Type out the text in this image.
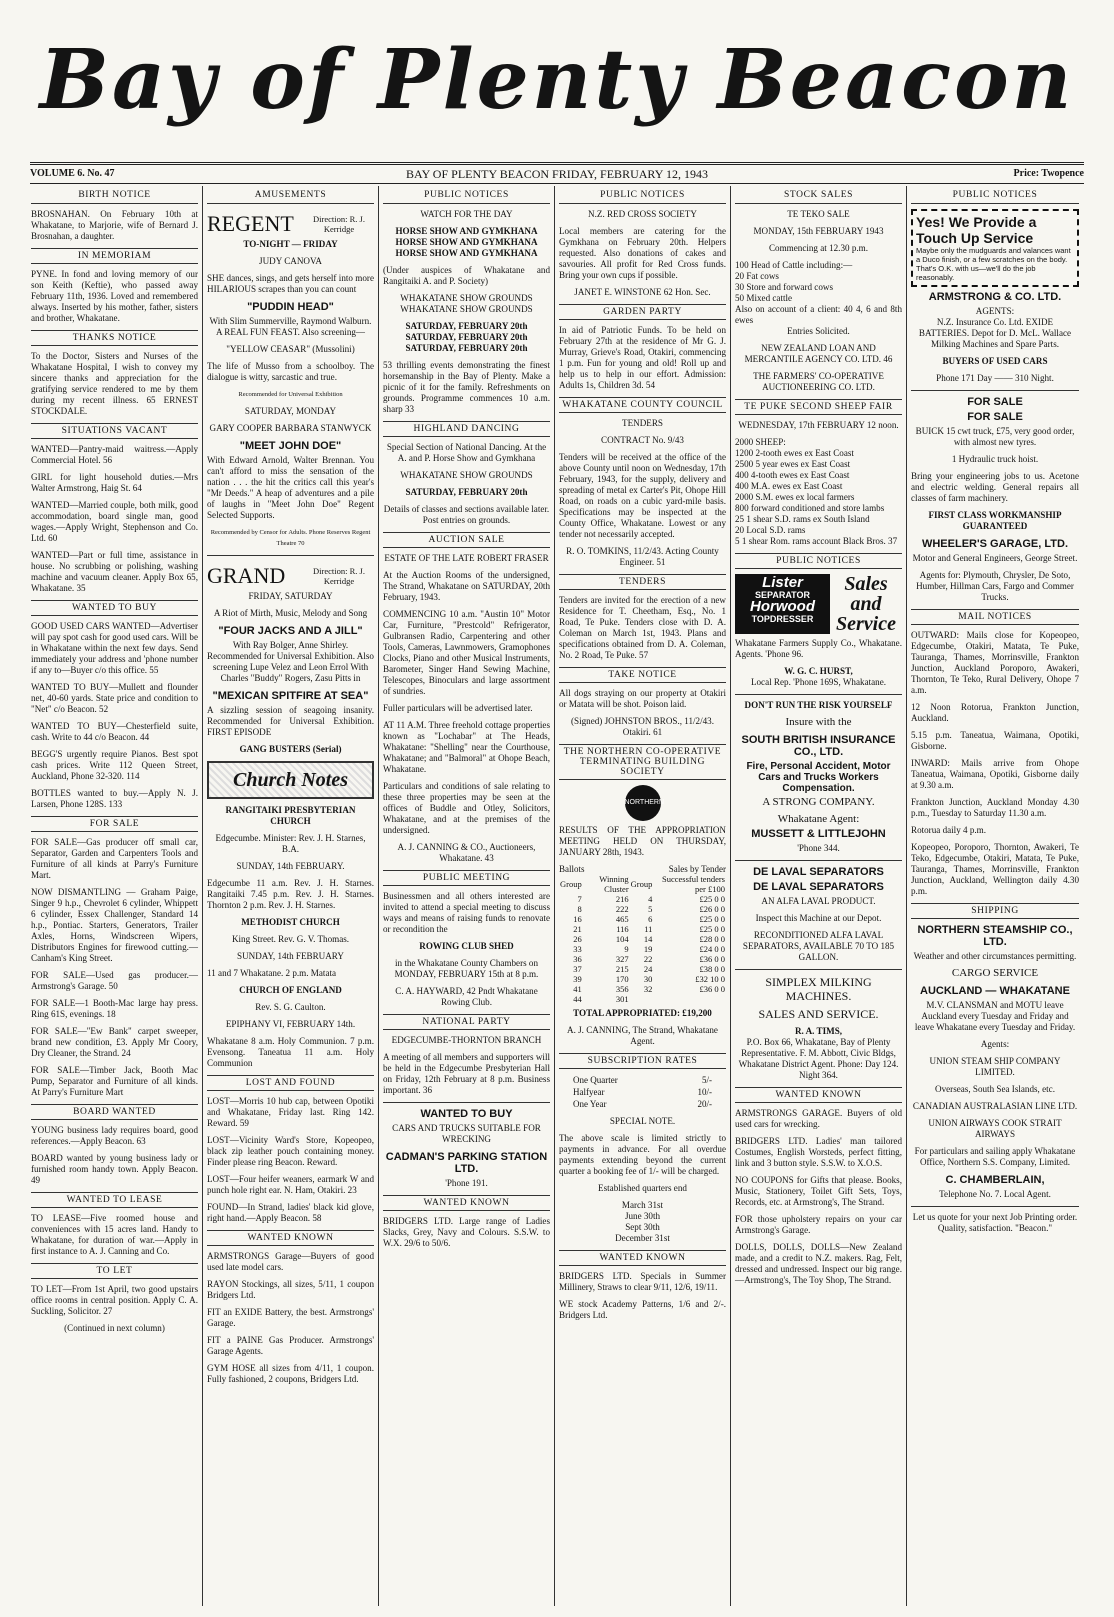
Bay of Plenty Beacon
VOLUME 6. No. 47	BAY OF PLENTY BEACON FRIDAY, FEBRUARY 12, 1943	Price: Twopence
BIRTH NOTICE

BROSNAHAN. On February 10th at Whakatane, to Marjorie, wife of Bernard J. Brosnahan, a daughter.

IN MEMORIAM

PYNE. In fond and loving memory of our son Keith (Keftie), who passed away February 11th, 1936. Loved and remembered always. Inserted by his mother, father, sisters and brother, Whakatane.

THANKS NOTICE

To the Doctor, Sisters and Nurses of the Whakatane Hospital, I wish to convey my sincere thanks and appreciation for the gratifying service rendered to me by them during my recent illness. 65 ERNEST STOCKDALE.

SITUATIONS VACANT

WANTED—Pantry-maid waitress.—Apply Commercial Hotel. 56

GIRL for light household duties.—Mrs Walter Armstrong, Haig St. 64

WANTED—Married couple, both milk, good accommodation, board single man, good wages.—Apply Wright, Stephenson and Co. Ltd. 60

WANTED—Part or full time, assistance in house. No scrubbing or polishing, washing machine and vacuum cleaner. Apply Box 65, Whakatane. 35

WANTED TO BUY

GOOD USED CARS WANTED—Advertiser will pay spot cash for good used cars. Will be in Whakatane within the next few days. Send immediately your address and 'phone number if any to—Buyer c/o this office. 55

WANTED TO BUY—Mullett and flounder net, 40-60 yards. State price and condition to "Net" c/o Beacon. 52

WANTED TO BUY—Chesterfield suite, cash. Write to 44 c/o Beacon. 44

BEGG'S urgently require Pianos. Best spot cash prices. Write 112 Queen Street, Auckland, Phone 32-320. 114

BOTTLES wanted to buy.—Apply N. J. Larsen, Phone 128S. 133

FOR SALE

FOR SALE—Gas producer off small car, Separator, Garden and Carpenters Tools and Furniture of all kinds at Parry's Furniture Mart.

NOW DISMANTLING — Graham Paige, Singer 9 h.p., Chevrolet 6 cylinder, Whippett 6 cylinder, Essex Challenger, Standard 14 h.p., Pontiac. Starters, Generators, Trailer Axles, Horns, Windscreen Wipers, Distributors Engines for firewood cutting.—Canham's King Street.

FOR SALE—Used gas producer.—Armstrong's Garage. 50

FOR SALE—1 Booth-Mac large hay press. Ring 61S, evenings. 18

FOR SALE—"Ew Bank" carpet sweeper, brand new condition, £3. Apply Mr Coory, Dry Cleaner, the Strand. 24

FOR SALE—Timber Jack, Booth Mac Pump, Separator and Furniture of all kinds. At Parry's Furniture Mart

BOARD WANTED

YOUNG business lady requires board, good references.—Apply Beacon. 63

BOARD wanted by young business lady or furnished room handy town. Apply Beacon. 49

WANTED TO LEASE

TO LEASE—Five roomed house and conveniences with 15 acres land. Handy to Whakatane, for duration of war.—Apply in first instance to A. J. Canning and Co.

TO LET

TO LET—From 1st April, two good upstairs office rooms in central position. Apply C. A. Suckling, Solicitor. 27

(Continued in next column)

AMUSEMENTS
REGENT	Direction: R. J. Kerridge

TO-NIGHT — FRIDAY

JUDY CANOVA

SHE dances, sings, and gets herself into more HILARIOUS scrapes than you can count

"PUDDIN HEAD"

With Slim Summerville, Raymond Walburn. A REAL FUN FEAST. Also screening—

"YELLOW CEASAR" (Mussolini)

The life of Musso from a schoolboy. The dialogue is witty, sarcastic and true.

Recommended for Universal Exhibition

SATURDAY, MONDAY

GARY COOPER BARBARA STANWYCK

"MEET JOHN DOE"

With Edward Arnold, Walter Brennan. You can't afford to miss the sensation of the nation . . . the hit the critics call this year's "Mr Deeds." A heap of adventures and a pile of laughs in "Meet John Doe" Regent Selected Supports.

Recommended by Censor for Adults. Phone Reserves Regent Theatre 70

GRAND	Direction: R. J. Kerridge

FRIDAY, SATURDAY

A Riot of Mirth, Music, Melody and Song

"FOUR JACKS AND A JILL"

With Ray Bolger, Anne Shirley. Recommended for Universal Exhibition. Also screening Lupe Velez and Leon Errol With Charles "Buddy" Rogers, Zasu Pitts in

"MEXICAN SPITFIRE AT SEA"

A sizzling session of seagoing insanity. Recommended for Universal Exhibition. FIRST EPISODE

GANG BUSTERS (Serial)

Church Notes

RANGITAIKI PRESBYTERIAN CHURCH

Edgecumbe. Minister: Rev. J. H. Starnes, B.A.

SUNDAY, 14th FEBRUARY.

Edgecumbe 11 a.m. Rev. J. H. Starnes. Rangitaiki 7.45 p.m. Rev. J. H. Starnes. Thornton 2 p.m. Rev. J. H. Starnes.

METHODIST CHURCH

King Street. Rev. G. V. Thomas.

SUNDAY, 14th FEBRUARY

11 and 7 Whakatane. 2 p.m. Matata

CHURCH OF ENGLAND

Rev. S. G. Caulton.

EPIPHANY VI, FEBRUARY 14th.

Whakatane 8 a.m. Holy Communion. 7 p.m. Evensong. Taneatua 11 a.m. Holy Communion

LOST AND FOUND

LOST—Morris 10 hub cap, between Opotiki and Whakatane, Friday last. Ring 142. Reward. 59

LOST—Vicinity Ward's Store, Kopeopeo, black zip leather pouch containing money. Finder please ring Beacon. Reward.

LOST—Four heifer weaners, earmark W and punch hole right ear. N. Ham, Otakiri. 23

FOUND—In Strand, ladies' black kid glove, right hand.—Apply Beacon. 58

WANTED KNOWN

ARMSTRONGS Garage—Buyers of good used late model cars.

RAYON Stockings, all sizes, 5/11, 1 coupon Bridgers Ltd.

FIT an EXIDE Battery, the best. Armstrongs' Garage.

FIT a PAINE Gas Producer. Armstrongs' Garage Agents.

GYM HOSE all sizes from 4/11, 1 coupon. Fully fashioned, 2 coupons, Bridgers Ltd.

PUBLIC NOTICES

WATCH FOR THE DAY

HORSE SHOW AND GYMKHANA

HORSE SHOW AND GYMKHANA

HORSE SHOW AND GYMKHANA

(Under auspices of Whakatane and Rangitaiki A. and P. Society)

WHAKATANE SHOW GROUNDS

WHAKATANE SHOW GROUNDS

SATURDAY, FEBRUARY 20th

SATURDAY, FEBRUARY 20th

SATURDAY, FEBRUARY 20th

53 thrilling events demonstrating the finest horsemanship in the Bay of Plenty. Make a picnic of it for the family. Refreshments on grounds. Programme commences 10 a.m. sharp 33

HIGHLAND DANCING

Special Section of National Dancing. At the A. and P. Horse Show and Gymkhana

WHAKATANE SHOW GROUNDS

SATURDAY, FEBRUARY 20th

Details of classes and sections available later. Post entries on grounds.

AUCTION SALE

ESTATE OF THE LATE ROBERT FRASER

At the Auction Rooms of the undersigned, The Strand, Whakatane on SATURDAY, 20th February, 1943.

COMMENCING 10 a.m. "Austin 10" Motor Car, Furniture, "Prestcold" Refrigerator, Gulbransen Radio, Carpentering and other Tools, Cameras, Lawnmowers, Gramophones Clocks, Piano and other Musical Instruments, Barometer, Singer Hand Sewing Machine, Telescopes, Binoculars and large assortment of sundries.

Fuller particulars will be advertised later.

AT 11 A.M. Three freehold cottage properties known as "Lochabar" at The Heads, Whakatane: "Shelling" near the Courthouse, Whakatane; and "Balmoral" at Ohope Beach, Whakatane.

Particulars and conditions of sale relating to these three properties may be seen at the offices of Buddle and Otley, Solicitors, Whakatane, and at the premises of the undersigned.

A. J. CANNING & CO., Auctioneers, Whakatane. 43

PUBLIC MEETING

Businessmen and all others interested are invited to attend a special meeting to discuss ways and means of raising funds to renovate or recondition the

ROWING CLUB SHED

in the Whakatane County Chambers on MONDAY, FEBRUARY 15th at 8 p.m.

C. A. HAYWARD, 42 Pndt Whakatane Rowing Club.

NATIONAL PARTY

EDGECUMBE-THORNTON BRANCH

A meeting of all members and supporters will be held in the Edgecumbe Presbyterian Hall on Friday, 12th February at 8 p.m. Business important. 36

WANTED TO BUY

CARS AND TRUCKS SUITABLE FOR WRECKING

CADMAN'S PARKING STATION LTD.

'Phone 191.

WANTED KNOWN

BRIDGERS LTD. Large range of Ladies Slacks, Grey, Navy and Colours. S.S.W. to W.X. 29/6 to 50/6.

PUBLIC NOTICES

N.Z. RED CROSS SOCIETY

Local members are catering for the Gymkhana on February 20th. Helpers requested. Also donations of cakes and savouries. All profit for Red Cross funds. Bring your own cups if possible.

JANET E. WINSTONE 62 Hon. Sec.

GARDEN PARTY

In aid of Patriotic Funds. To be held on February 27th at the residence of Mr G. J. Murray, Grieve's Road, Otakiri, commencing 1 p.m. Fun for young and old! Roll up and help us to help in our effort. Admission: Adults 1s, Children 3d. 54

WHAKATANE COUNTY COUNCIL

TENDERS

CONTRACT No. 9/43

Tenders will be received at the office of the above County until noon on Wednesday, 17th February, 1943, for the supply, delivery and spreading of metal ex Carter's Pit, Ohope Hill Road, on roads on a cubic yard-mile basis. Specifications may be inspected at the County Office, Whakatane. Lowest or any tender not necessarily accepted.

R. O. TOMKINS, 11/2/43. Acting County Engineer. 51

TENDERS

Tenders are invited for the erection of a new Residence for T. Cheetham, Esq., No. 1 Road, Te Puke. Tenders close with D. A. Coleman on March 1st, 1943. Plans and specifications obtained from D. A. Coleman, No. 2 Road, Te Puke. 57

TAKE NOTICE

All dogs straying on our property at Otakiri or Matata will be shot. Poison laid.

(Signed) JOHNSTON BROS., 11/2/43. Otakiri. 61

THE NORTHERN CO-OPERATIVE TERMINATING BUILDING SOCIETY
NORTHERN

RESULTS OF THE APPROPRIATION MEETING HELD ON THURSDAY, JANUARY 28th, 1943.

Ballots	Sales by Tender
Group	Winning Cluster	Group	Successful tenders per £100
7	216	4	£25 0 0
8	222	5	£26 0 0
16	465	6	£25 0 0
21	116	11	£25 0 0
26	104	14	£28 0 0
33	9	19	£24 0 0
36	327	22	£36 0 0
37	215	24	£38 0 0
39	170	30	£32 10 0
41	356	32	£36 0 0
44	301		

TOTAL APPROPRIATED: £19,200

A. J. CANNING, The Strand, Whakatane Agent.

SUBSCRIPTION RATES
One Quarter	5/-
Halfyear	10/-
One Year	20/-

SPECIAL NOTE.

The above scale is limited strictly to payments in advance. For all overdue payments extending beyond the current quarter a booking fee of 1/- will be charged.

Established quarters end

March 31st

June 30th

Sept 30th

December 31st

WANTED KNOWN

BRIDGERS LTD. Specials in Summer Millinery, Straws to clear 9/11, 12/6, 19/11.

WE stock Academy Patterns, 1/6 and 2/-. Bridgers Ltd.

STOCK SALES

TE TEKO SALE

MONDAY, 15th FEBRUARY 1943

Commencing at 12.30 p.m.

100 Head of Cattle including:—

20 Fat cows

30 Store and forward cows

50 Mixed cattle

Also on account of a client: 40 4, 6 and 8th ewes

Entries Solicited.

NEW ZEALAND LOAN AND MERCANTILE AGENCY CO. LTD. 46

THE FARMERS' CO-OPERATIVE AUCTIONEERING CO. LTD.

TE PUKE SECOND SHEEP FAIR

WEDNESDAY, 17th FEBRUARY 12 noon.

2000 SHEEP:

1200 2-tooth ewes ex East Coast

2500 5 year ewes ex East Coast

400 4-tooth ewes ex East Coast

400 M.A. ewes ex East Coast

2000 S.M. ewes ex local farmers

800 forward conditioned and store lambs

25 1 shear S.D. rams ex South Island

20 Local S.D. rams

5 1 shear Rom. rams account Black Bros. 37

PUBLIC NOTICES
Lister
SEPARATOR
Horwood
TOPDRESSER
Sales and Service

Whakatane Farmers Supply Co., Whakatane. Agents. 'Phone 96.

W. G. C. HURST,

Local Rep. 'Phone 169S, Whakatane.

DON'T RUN THE RISK YOURSELF

Insure with the

SOUTH BRITISH INSURANCE CO., LTD.
Fire, Personal Accident, Motor Cars and Trucks Workers Compensation.

A STRONG COMPANY.

Whakatane Agent:

MUSSETT & LITTLEJOHN

'Phone 344.

DE LAVAL SEPARATORS
DE LAVAL SEPARATORS

AN ALFA LAVAL PRODUCT.

Inspect this Machine at our Depot.

RECONDITIONED ALFA LAVAL SEPARATORS, AVAILABLE 70 TO 185 GALLON.

SIMPLEX MILKING MACHINES.

SALES AND SERVICE.

R. A. TIMS,

P.O. Box 66, Whakatane, Bay of Plenty Representative. F. M. Abbott, Civic Bldgs, Whakatane District Agent. Phone: Day 124. Night 364.

WANTED KNOWN

ARMSTRONGS GARAGE. Buyers of old used cars for wrecking.

BRIDGERS LTD. Ladies' man tailored Costumes, English Worsteds, perfect fitting, link and 3 button style. S.S.W. to X.O.S.

NO COUPONS for Gifts that please. Books, Music, Stationery, Toilet Gift Sets, Toys, Records, etc. at Armstrong's, The Strand.

FOR those upholstery repairs on your car Armstrong's Garage.

DOLLS, DOLLS, DOLLS—New Zealand made, and a credit to N.Z. makers. Rag, Felt, dressed and undressed. Inspect our big range.—Armstrong's, The Toy Shop, The Strand.

PUBLIC NOTICES
Yes! We Provide a Touch Up Service
Maybe only the mudguards and valances want a Duco finish, or a few scratches on the body. That's O.K. with us—we'll do the job reasonably.
ARMSTRONG & CO. LTD.

AGENTS:

N.Z. Insurance Co. Ltd. EXIDE BATTERIES. Depot for D. McL. Wallace Milking Machines and Spare Parts.

BUYERS OF USED CARS

Phone 171 Day —— 310 Night.

FOR SALE
FOR SALE

BUICK 15 cwt truck, £75, very good order, with almost new tyres.

1 Hydraulic truck hoist.

Bring your engineering jobs to us. Acetone and electric welding. General repairs all classes of farm machinery.

FIRST CLASS WORKMANSHIP GUARANTEED

WHEELER'S GARAGE, LTD.

Motor and General Engineers, George Street.

Agents for: Plymouth, Chrysler, De Soto, Humber, Hillman Cars, Fargo and Commer Trucks.

MAIL NOTICES

OUTWARD: Mails close for Kopeopeo, Edgecumbe, Otakiri, Matata, Te Puke, Tauranga, Thames, Morrinsville, Frankton Junction, Auckland Poroporo, Awakeri, Thornton, Te Teko, Rural Delivery, Ohope 7 a.m.

12 Noon Rotorua, Frankton Junction, Auckland.

5.15 p.m. Taneatua, Waimana, Opotiki, Gisborne.

INWARD: Mails arrive from Ohope Taneatua, Waimana, Opotiki, Gisborne daily at 9.30 a.m.

Frankton Junction, Auckland Monday 4.30 p.m., Tuesday to Saturday 11.30 a.m.

Rotorua daily 4 p.m.

Kopeopeo, Poroporo, Thornton, Awakeri, Te Teko, Edgecumbe, Otakiri, Matata, Te Puke, Tauranga, Thames, Morrinsville, Frankton Junction, Auckland, Wellington daily 4.30 p.m.

SHIPPING
NORTHERN STEAMSHIP CO., LTD.

Weather and other circumstances permitting.

CARGO SERVICE

AUCKLAND — WHAKATANE

M.V. CLANSMAN and MOTU leave Auckland every Tuesday and Friday and leave Whakatane every Tuesday and Friday.

Agents:

UNION STEAM SHIP COMPANY LIMITED.

Overseas, South Sea Islands, etc.

CANADIAN AUSTRALASIAN LINE LTD.

UNION AIRWAYS COOK STRAIT AIRWAYS

For particulars and sailing apply Whakatane Office, Northern S.S. Company, Limited.

C. CHAMBERLAIN,

Telephone No. 7. Local Agent.

Let us quote for your next Job Printing order. Quality, satisfaction. "Beacon."
